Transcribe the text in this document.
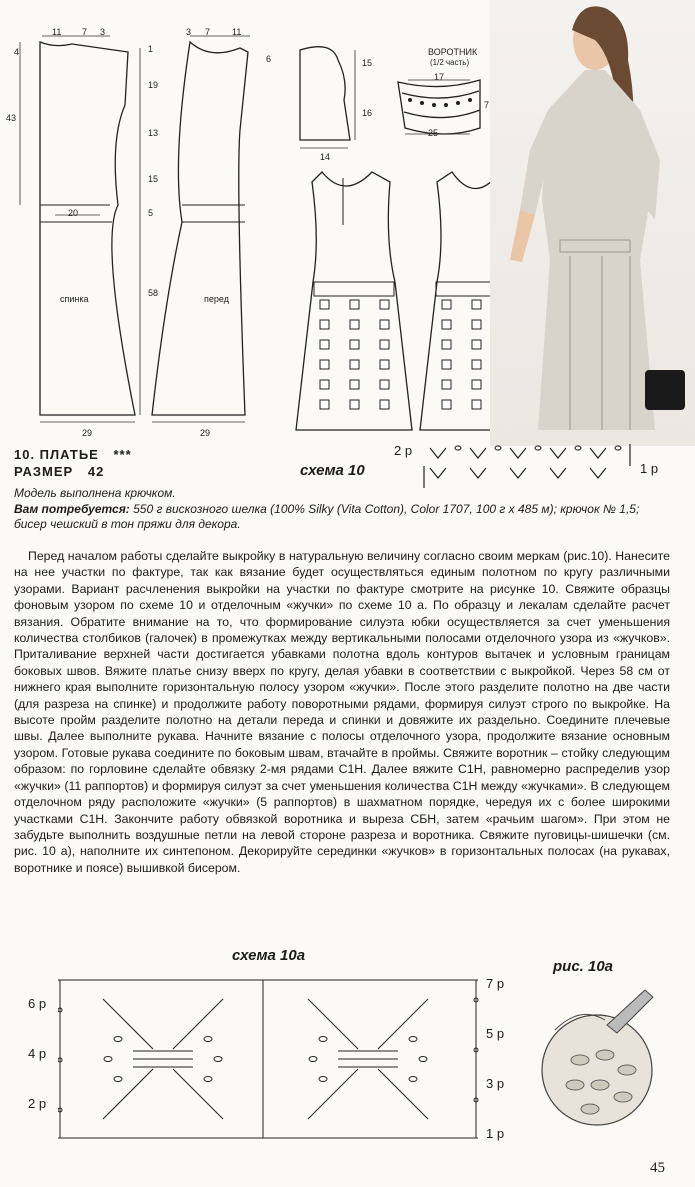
11 7 3	3 7 11
4
6
43
1
19
13
15
5
58
20
спинка	перед
29	29
15
16
14
ВОРОТНИК
(1/2 часть)
17
25
7
10. ПЛАТЬЕ ***
РАЗМЕР 42	схема 10
2 р
1 р
Модель выполнена крючком.
Вам потребуется: 550 г вискозного шелка (100% Silky (Vita Cotton), Color 1707, 100 г х 485 м); крючок № 1,5; бисер чешский в тон пряжи для декора.

Перед началом работы сделайте выкройку в натуральную величину согласно своим меркам (рис.10). Нанесите на нее участки по фактуре, так как вязание будет осуществляться единым полотном по кругу различными узорами. Вариант расчленения выкройки на участки по фактуре смотрите на рисунке 10. Свяжите образцы фоновым узором по схеме 10 и отделочным «жучки» по схеме 10 а. По образцу и лекалам сделайте расчет вязания. Обратите внимание на то, что формирование силуэта юбки осуществляется за счет уменьшения количества столбиков (галочек) в промежутках между вертикальными полосами отделочного узора из «жучков». Приталивание верхней части достигается убавками полотна вдоль контуров вытачек и условным границам боковых швов. Вяжите платье снизу вверх по кругу, делая убавки в соответствии с выкройкой. Через 58 см от нижнего края выполните горизонтальную полосу узором «жучки». После этого разделите полотно на две части (для разреза на спинке) и продолжите работу поворотными рядами, формируя силуэт строго по выкройке. На высоте пройм разделите полотно на детали переда и спинки и довяжите их раздельно. Соедините плечевые швы. Далее выполните рукава. Начните вязание с полосы отделочного узора, продолжите вязание основным узором. Готовые рукава соедините по боковым швам, втачайте в проймы. Свяжите воротник – стойку следующим образом: по горловине сделайте обвязку 2-мя рядами С1Н. Далее вяжите С1Н, равномерно распределив узор «жучки» (11 раппортов) и формируя силуэт за счет уменьшения количества С1Н между «жучками». В следующем отделочном ряду расположите «жучки» (5 раппортов) в шахматном порядке, чередуя их с более широкими участками С1Н. Закончите работу обвязкой воротника и выреза СБН, затем «рачьим шагом». При этом не забудьте выполнить воздушные петли на левой стороне разреза и воротника. Свяжите пуговицы-шишечки (см. рис. 10 а), наполните их синтепоном. Декорируйте серединки «жучков» в горизонтальных полосах (на рукавах, воротнике и поясе) вышивкой бисером.

схема 10а
рис. 10а
6 р
4 р
2 р
7 р
5 р
3 р
1 р
45
